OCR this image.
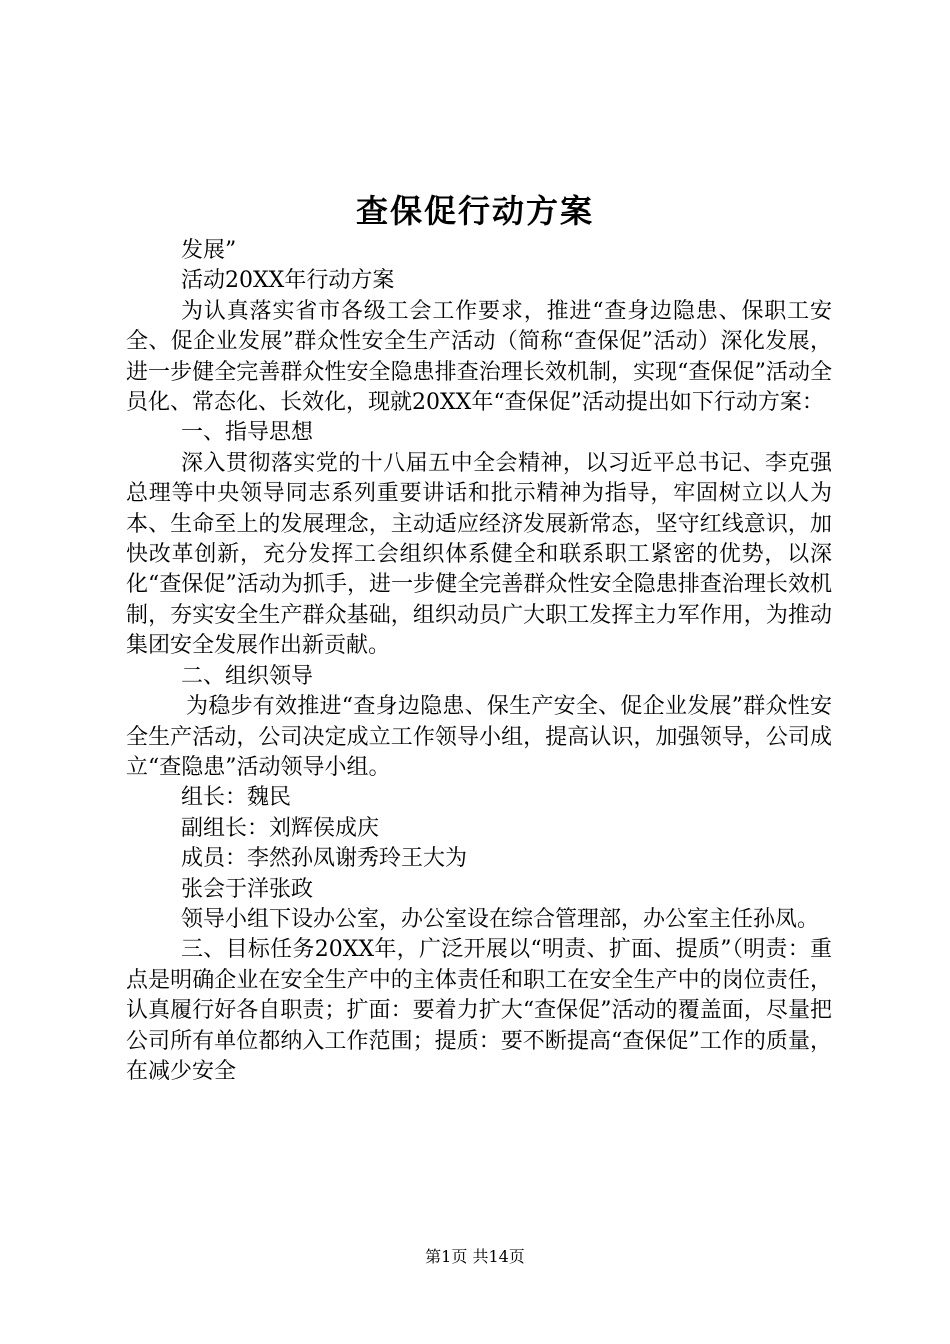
查保促行动方案

发展”

活动20XX年行动方案

为认真落实省市各级工会工作要求，推进“查身边隐患、保职工安全、促企业发展”群众性安全生产活动（简称“查保促”活动）深化发展，进一步健全完善群众性安全隐患排查治理长效机制，实现“查保促”活动全员化、常态化、长效化，现就20XX年“查保促”活动提出如下行动方案：

一、指导思想

深入贯彻落实党的十八届五中全会精神，以习近平总书记、李克强总理等中央领导同志系列重要讲话和批示精神为指导，牢固树立以人为本、生命至上的发展理念，主动适应经济发展新常态，坚守红线意识，加快改革创新，充分发挥工会组织体系健全和联系职工紧密的优势，以深化“查保促”活动为抓手，进一步健全完善群众性安全隐患排查治理长效机制，夯实安全生产群众基础，组织动员广大职工发挥主力军作用，为推动集团安全发展作出新贡献。

二、组织领导

为稳步有效推进“查身边隐患、保生产安全、促企业发展”群众性安全生产活动，公司决定成立工作领导小组，提高认识，加强领导，公司成立“查隐患”活动领导小组。

组长：魏民

副组长：刘辉侯成庆

成员：李然孙凤谢秀玲王大为

张会于洋张政

领导小组下设办公室，办公室设在综合管理部，办公室主任孙凤。

三、目标任务20XX年，广泛开展以“明责、扩面、提质”（明责：重点是明确企业在安全生产中的主体责任和职工在安全生产中的岗位责任，认真履行好各自职责；扩面：要着力扩大“查保促”活动的覆盖面，尽量把公司所有单位都纳入工作范围；提质：要不断提高“查保促”工作的质量，在减少安全

第1页 共14页
